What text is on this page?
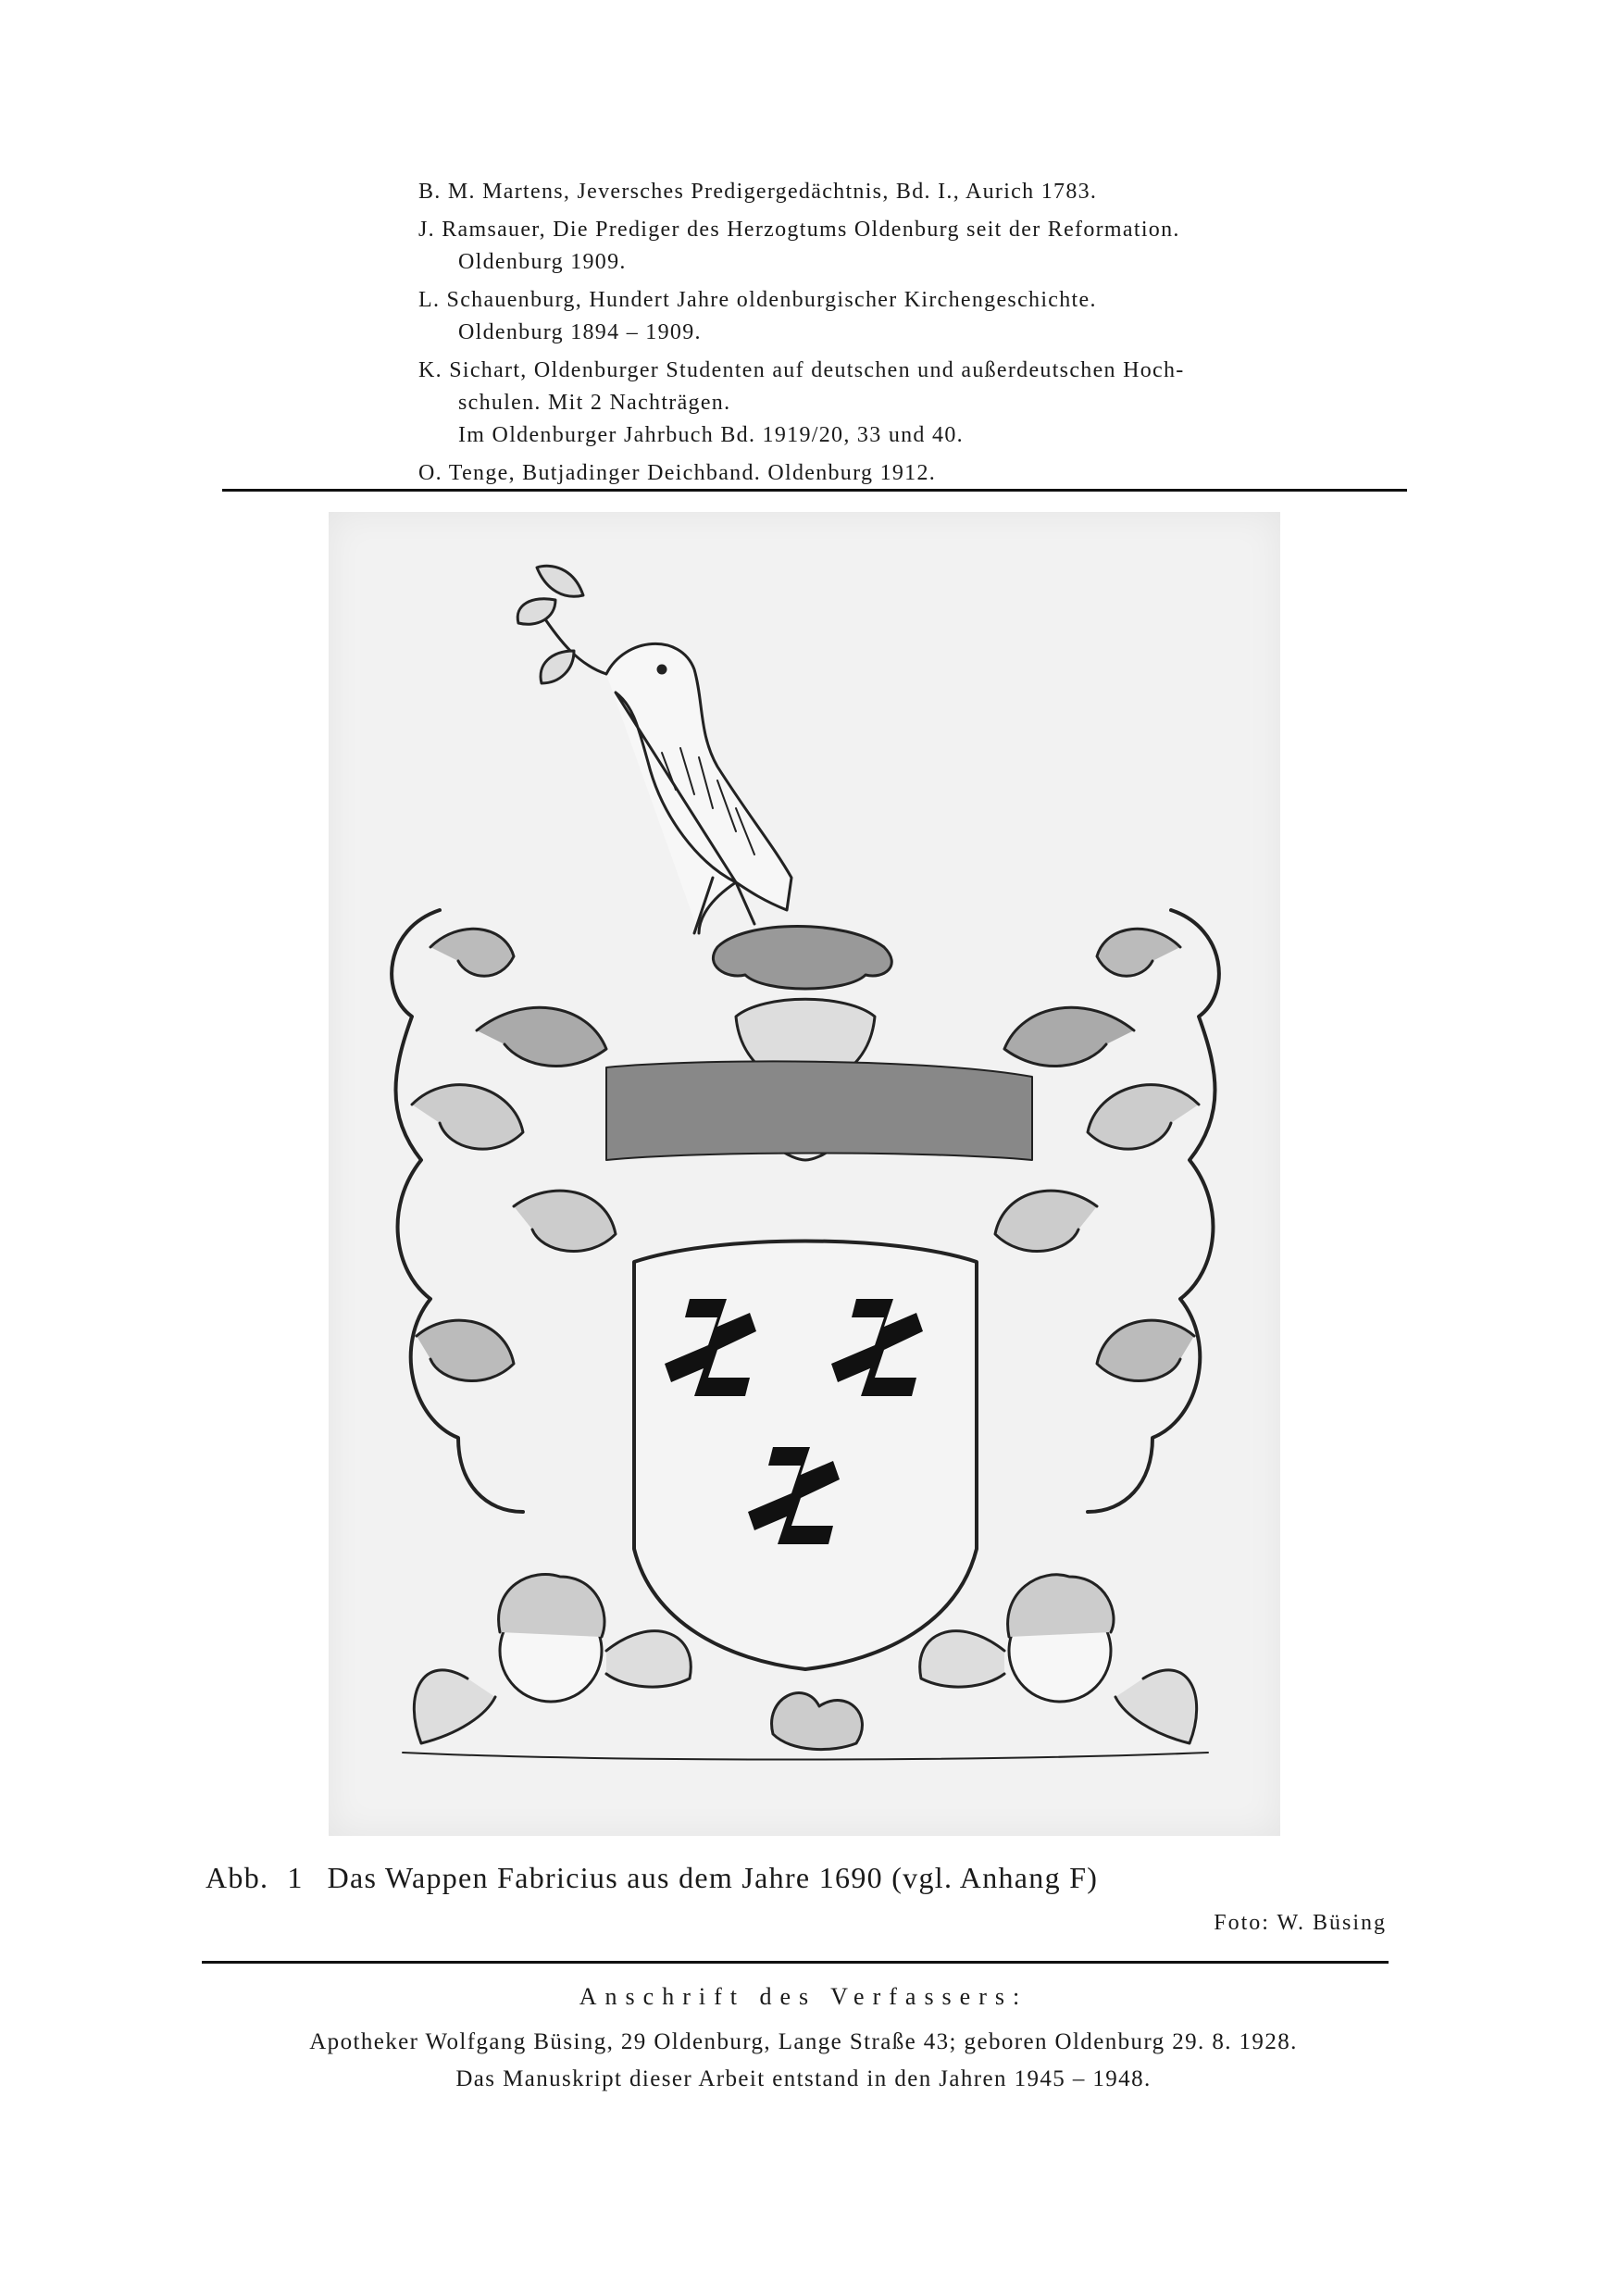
B. M. Martens, Jeversches Predigergedächtnis, Bd. I., Aurich 1783.
J. Ramsauer, Die Prediger des Herzogtums Oldenburg seit der Reformation.
Oldenburg 1909.
L. Schauenburg, Hundert Jahre oldenburgischer Kirchengeschichte.
Oldenburg 1894 – 1909.
K. Sichart, Oldenburger Studenten auf deutschen und außerdeutschen Hoch-
schulen. Mit 2 Nachträgen.
Im Oldenburger Jahrbuch Bd. 1919/20, 33 und 40.
O. Tenge, Butjadinger Deichband. Oldenburg 1912.
Abb. 1 Das Wappen Fabricius aus dem Jahre 1690 (vgl. Anhang F)
Foto: W. Büsing
Anschrift des Verfassers:
Apotheker Wolfgang Büsing, 29 Oldenburg, Lange Straße 43; geboren Oldenburg 29. 8. 1928.
Das Manuskript dieser Arbeit entstand in den Jahren 1945 – 1948.
